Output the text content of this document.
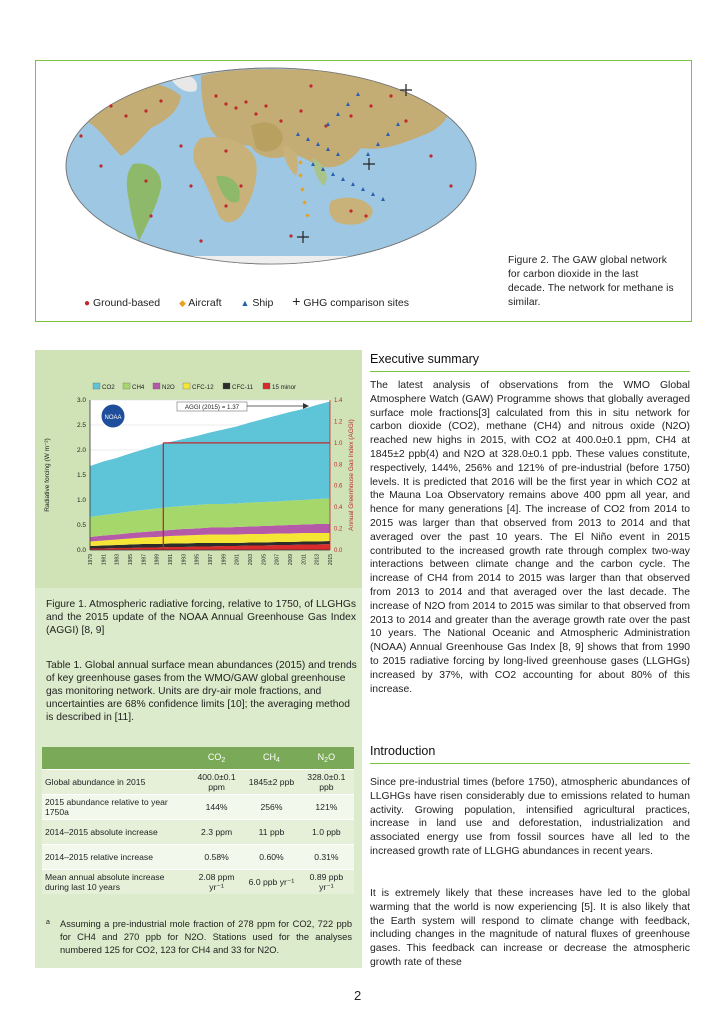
Figure 2. The GAW global network for carbon dioxide in the last decade. The network for methane is similar.
● Ground-based ◆ Aircraft ▲ Ship + GHG comparison sites
CO2	CH4	N2O	CFC-12	CFC-11	15 minor
0.0
0.5
1.0
1.5
2.0
2.5
3.0
0.0
0.2
0.4
0.6
0.8
1.0
1.2
1.4
1979 1981 1983 1985 1987 1989 1991 1993 1995 1997 1999 2001 2003 2005 2007 2009 2011 2013 2015
Radiative forcing (W m⁻²)	Annual Greenhouse Gas Index (AGGI)
NOAA
AGGI (2015) = 1.37
Figure 1. Atmospheric radiative forcing, relative to 1750, of LLGHGs and the 2015 update of the NOAA Annual Greenhouse Gas Index (AGGI) [8, 9]
Table 1. Global annual surface mean abundances (2015) and trends of key greenhouse gases from the WMO/GAW global greenhouse gas monitoring network. Units are dry-air mole fractions, and uncertainties are 68% confidence limits [10]; the averaging method is described in [11].
	$CO_2$	$CH_4$	$N_2O$
Global abundance in 2015	400.0±0.1 ppm	1845±2 ppb	328.0±0.1 ppb
2015 abundance relative to year 1750a	144%	256%	121%
2014–2015 absolute increase	2.3 ppm	11 ppb	1.0 ppb
2014–2015 relative increase	0.58%	0.60%	0.31%
Mean annual absolute increase during last 10 years	2.08 ppm yr⁻¹	6.0 ppb yr⁻¹	0.89 ppb yr⁻¹
a Assuming a pre-industrial mole fraction of 278 ppm for CO2, 722 ppb for CH4 and 270 ppb for N2O. Stations used for the analyses numbered 125 for CO2, 123 for CH4 and 33 for N2O.
Executive summary
The latest analysis of observations from the WMO Global Atmosphere Watch (GAW) Programme shows that globally averaged surface mole fractions[3] calculated from this in situ network for carbon dioxide (CO2), methane (CH4) and nitrous oxide (N2O) reached new highs in 2015, with CO2 at 400.0±0.1 ppm, CH4 at 1845±2 ppb(4) and N2O at 328.0±0.1 ppb. These values constitute, respectively, 144%, 256% and 121% of pre-industrial (before 1750) levels. It is predicted that 2016 will be the first year in which CO2 at the Mauna Loa Observatory remains above 400 ppm all year, and hence for many generations [4]. The increase of CO2 from 2014 to 2015 was larger than that observed from 2013 to 2014 and that averaged over the past 10 years. The El Niño event in 2015 contributed to the increased growth rate through complex two-way interactions between climate change and the carbon cycle. The increase of CH4 from 2014 to 2015 was larger than that observed from 2013 to 2014 and that averaged over the last decade. The increase of N2O from 2014 to 2015 was similar to that observed from 2013 to 2014 and greater than the average growth rate over the past 10 years. The National Oceanic and Atmospheric Administration (NOAA) Annual Greenhouse Gas Index [8, 9] shows that from 1990 to 2015 radiative forcing by long-lived greenhouse gases (LLGHGs) increased by 37%, with CO2 accounting for about 80% of this increase.
Introduction
Since pre-industrial times (before 1750), atmospheric abundances of LLGHGs have risen considerably due to emissions related to human activity. Growing population, intensified agricultural practices, increase in land use and deforestation, industrialization and associated energy use from fossil sources have all led to the increased growth rate of LLGHG abundances in recent years.
It is extremely likely that these increases have led to the global warming that the world is now experiencing [5]. It is also likely that the Earth system will respond to climate change with feedback, including changes in the magnitude of natural fluxes of greenhouse gases. This feedback can increase or decrease the atmospheric growth rate of these
2
